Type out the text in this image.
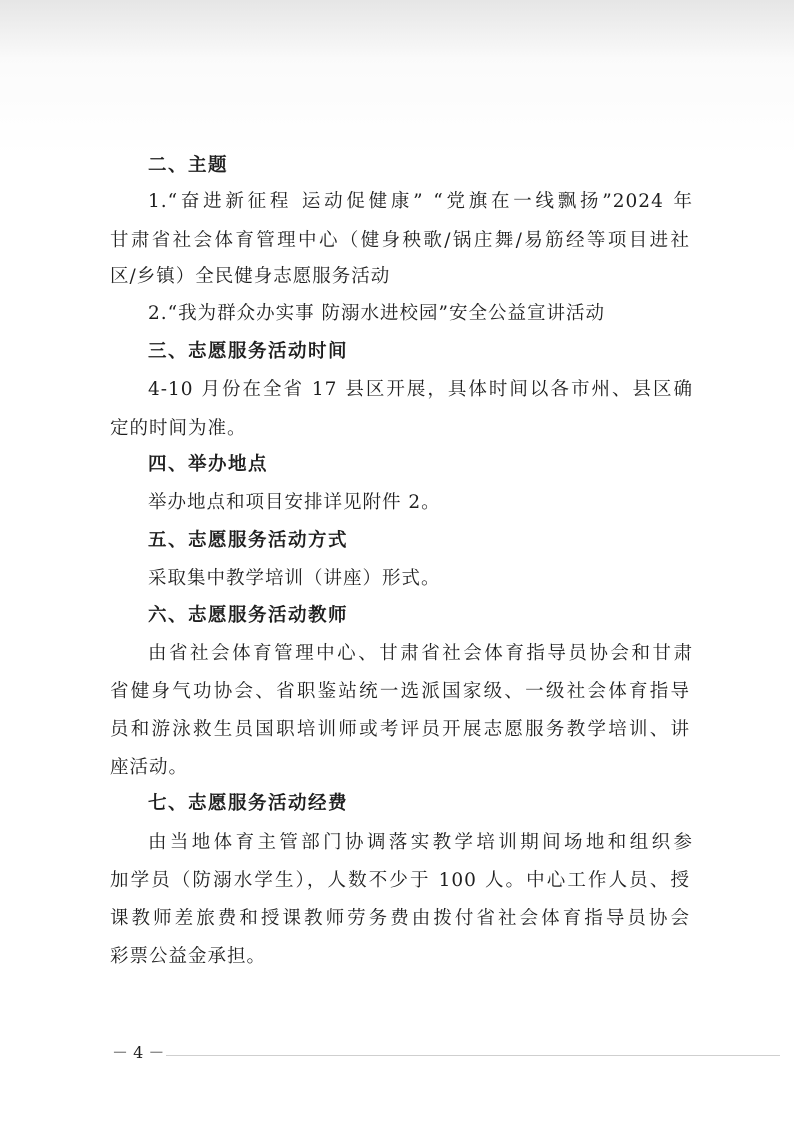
二、主题
1.“奋进新征程 运动促健康” “党旗在一线飘扬”2024 年
甘肃省社会体育管理中心（健身秧歌/锅庄舞/易筋经等项目进社
区/乡镇）全民健身志愿服务活动
2.“我为群众办实事 防溺水进校园”安全公益宣讲活动
三、志愿服务活动时间
4-10 月份在全省 17 县区开展，具体时间以各市州、县区确
定的时间为准。
四、举办地点
举办地点和项目安排详见附件 2。
五、志愿服务活动方式
采取集中教学培训（讲座）形式。
六、志愿服务活动教师
由省社会体育管理中心、甘肃省社会体育指导员协会和甘肃
省健身气功协会、省职鉴站统一选派国家级、一级社会体育指导
员和游泳救生员国职培训师或考评员开展志愿服务教学培训、讲
座活动。
七、志愿服务活动经费
由当地体育主管部门协调落实教学培训期间场地和组织参
加学员（防溺水学生），人数不少于 100 人。中心工作人员、授
课教师差旅费和授课教师劳务费由拨付省社会体育指导员协会
彩票公益金承担。
－ 4 －
